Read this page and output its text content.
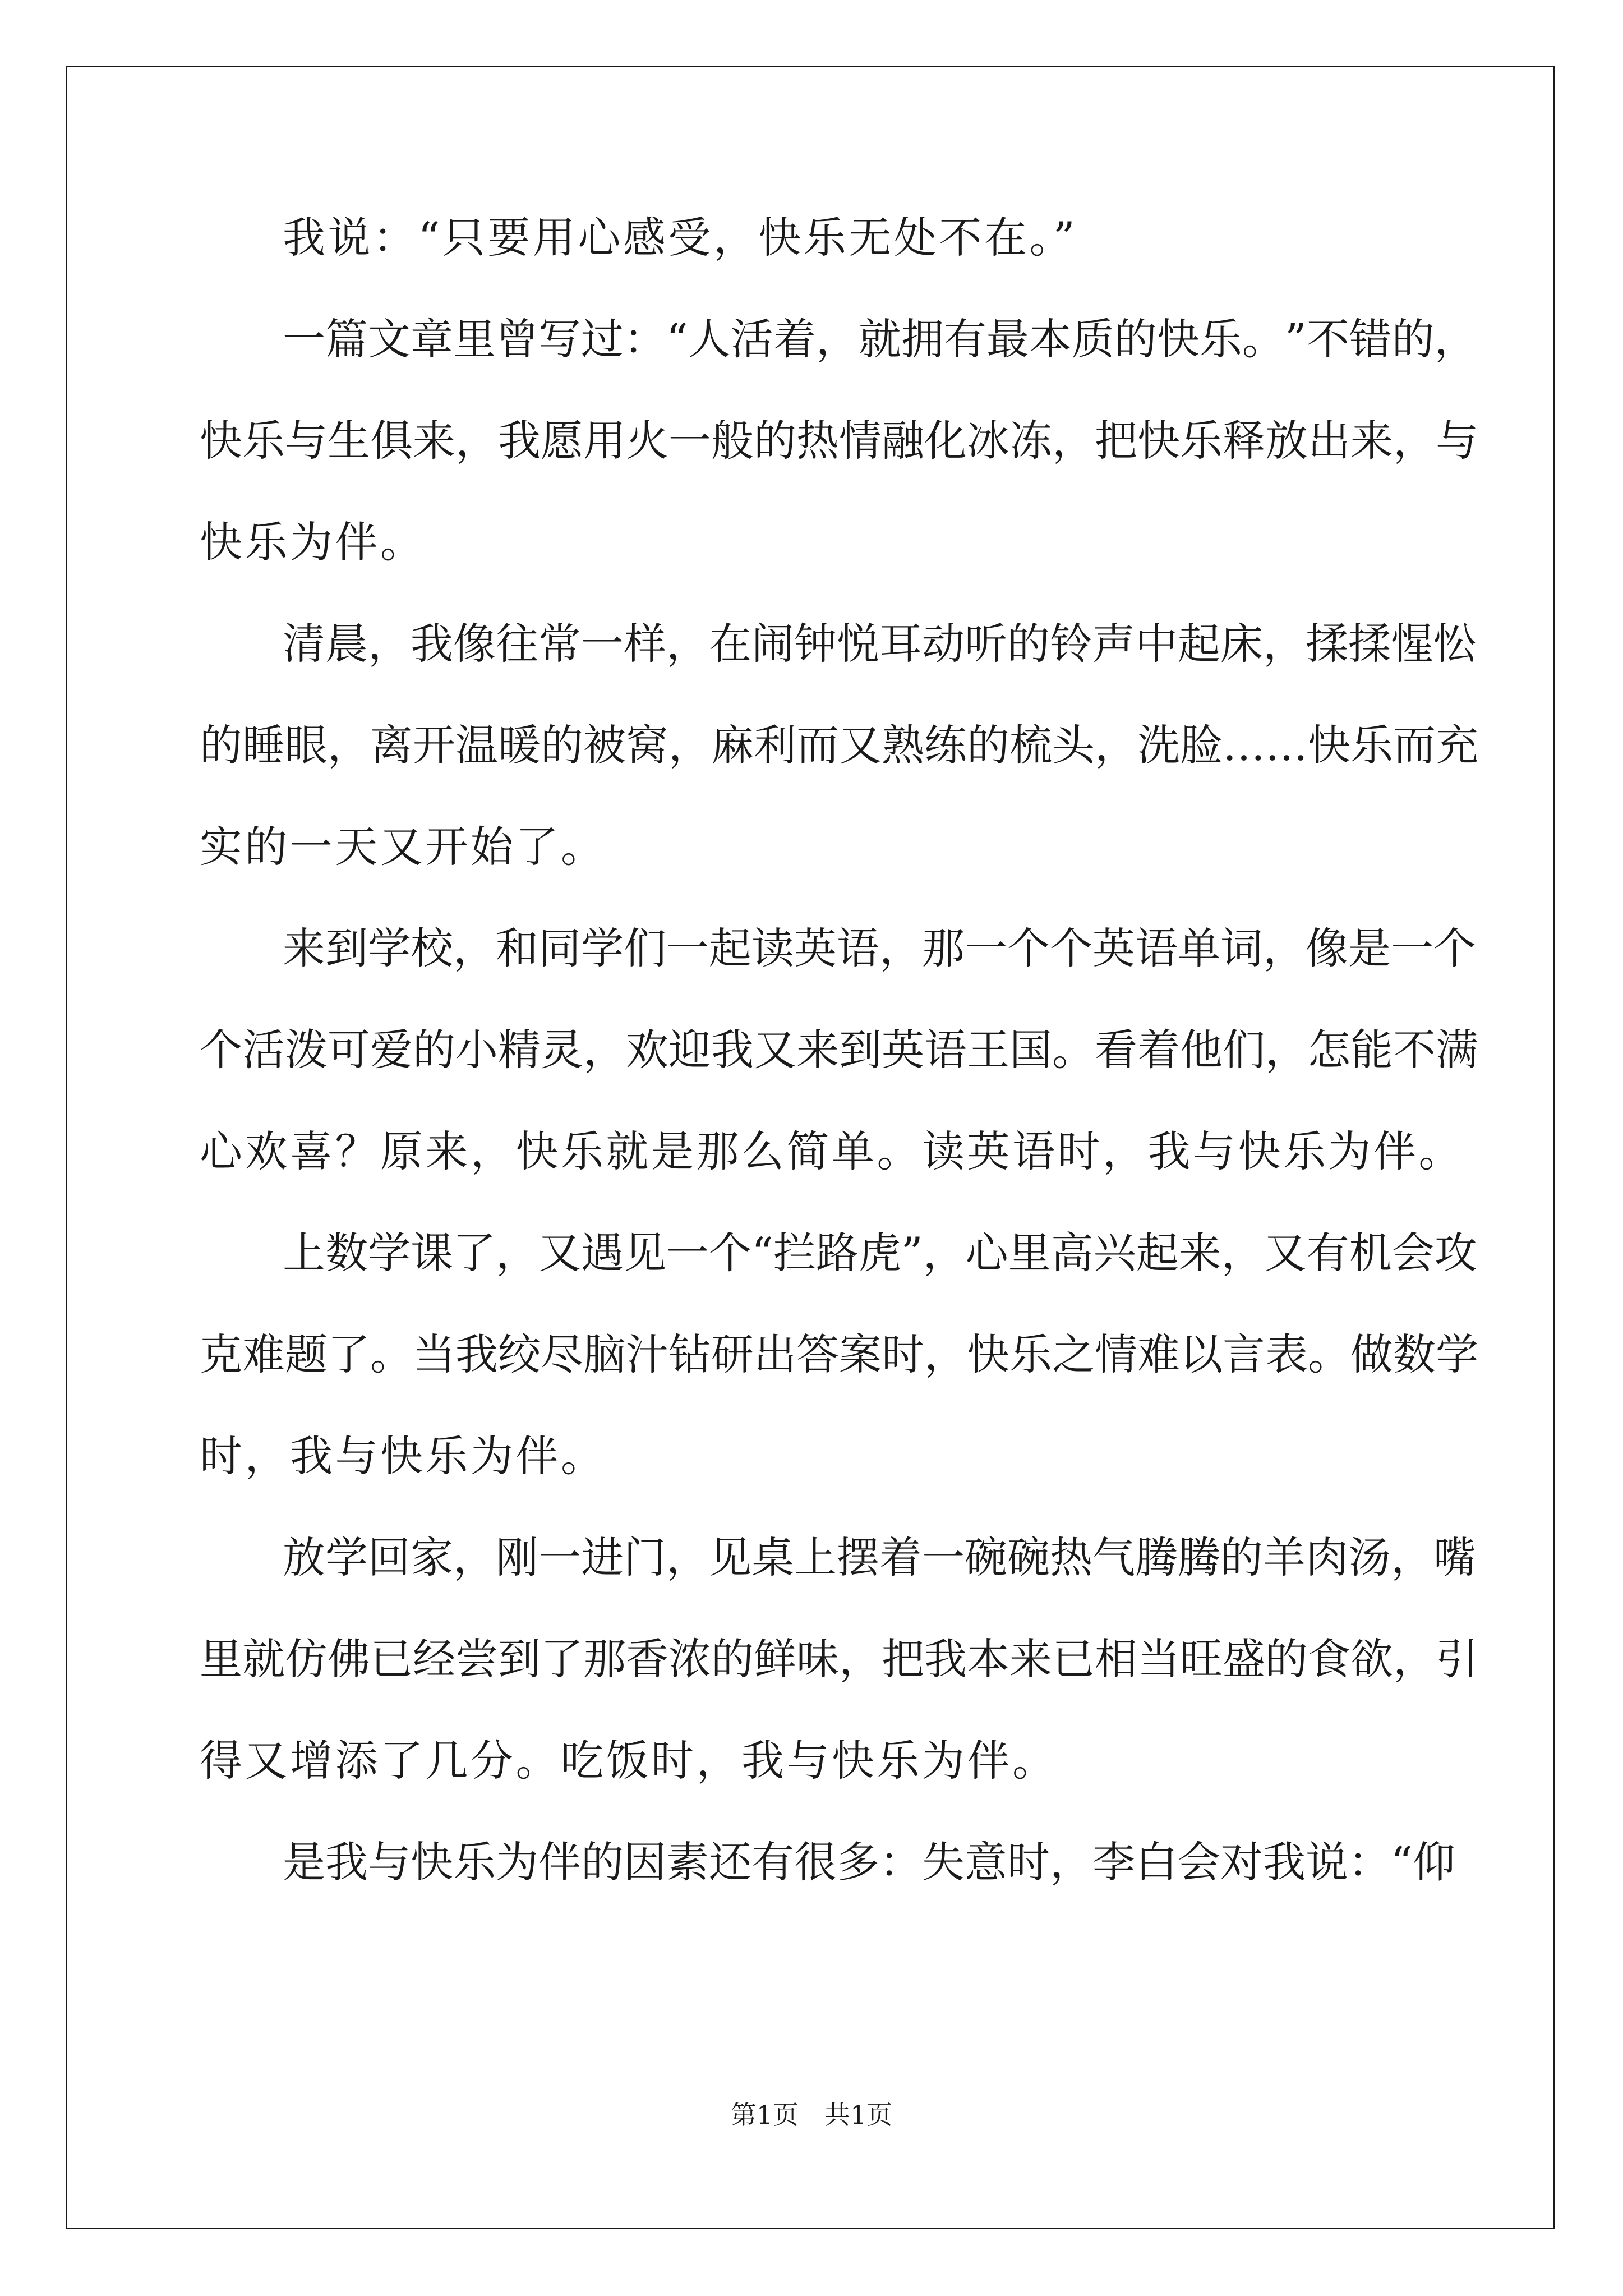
我说：“只要用心感受，快乐无处不在。”
一 篇 文 章 里 曾 写 过 ： “ 人 活 着 ， 就 拥 有 最 本 质 的 快 乐 。 ” 不 错 的 ，
快 乐 与 生 俱 来 ， 我 愿 用 火 一 般 的 热 情 融 化 冰 冻 ， 把 快 乐 释 放 出 来 ， 与
快乐为伴。
清 晨 ， 我 像 往 常 一 样 ， 在 闹 钟 悦 耳 动 听 的 铃 声 中 起 床 ， 揉 揉 惺 忪
的 睡 眼 ， 离 开 温 暖 的 被 窝 ， 麻 利 而 又 熟 练 的 梳 头 ， 洗 脸 … … 快 乐 而 充
实的一天又开始了。
来 到 学 校 ， 和 同 学 们 一 起 读 英 语 ， 那 一 个 个 英 语 单 词 ， 像 是 一 个
个 活 泼 可 爱 的 小 精 灵 ， 欢 迎 我 又 来 到 英 语 王 国 。 看 着 他 们 ， 怎 能 不 满
心欢喜？原来，快乐就是那么简单。读英语时，我与快乐为伴。
上 数 学 课 了 ， 又 遇 见 一 个 “ 拦 路 虎 ” ， 心 里 高 兴 起 来 ， 又 有 机 会 攻
克 难 题 了 。 当 我 绞 尽 脑 汁 钻 研 出 答 案 时 ， 快 乐 之 情 难 以 言 表 。 做 数 学
时，我与快乐为伴。
放 学 回 家 ， 刚 一 进 门 ， 见 桌 上 摆 着 一 碗 碗 热 气 腾 腾 的 羊 肉 汤 ， 嘴
里 就 仿 佛 已 经 尝 到 了 那 香 浓 的 鲜 味 ， 把 我 本 来 已 相 当 旺 盛 的 食 欲 ， 引
得又增添了几分。吃饭时，我与快乐为伴。
是 我 与 快 乐 为 伴 的 因 素 还 有 很 多 ： 失 意 时 ， 李 白 会 对 我 说 ： “ 仰
第1页　共1页
